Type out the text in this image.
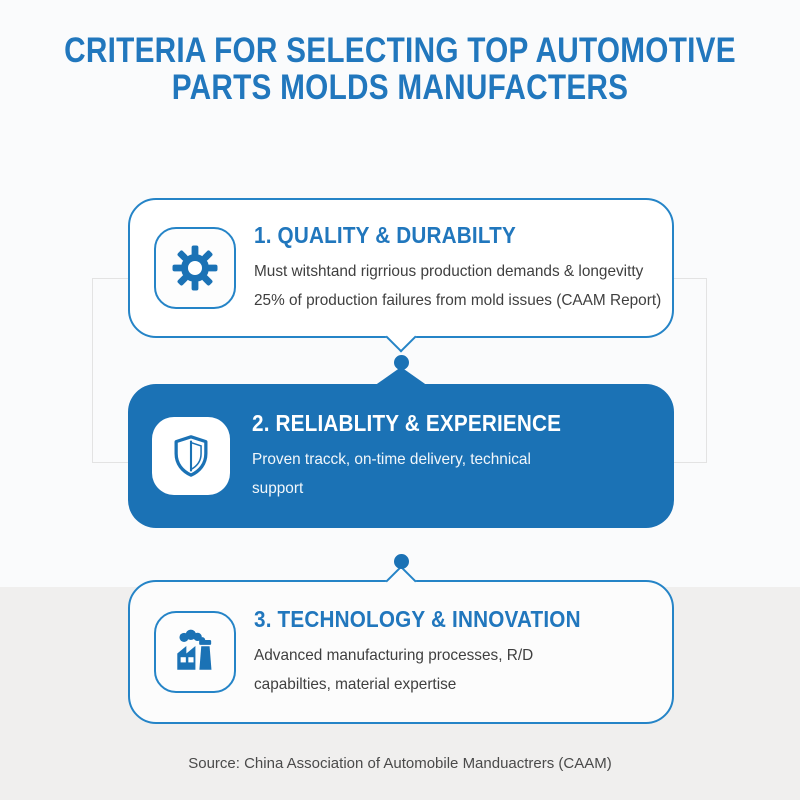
CRITERIA FOR SELECTING TOP AUTOMOTIVE
PARTS MOLDS MANUFACTERS
1. QUALITY & DURABILTY
Must witshtand rigrrious production demands & longevitty
25% of production failures from mold issues (CAAM Report)
2. RELIABLITY & EXPERIENCE
Proven tracck, on-time delivery, technical
support
3. TECHNOLOGY & INNOVATION
Advanced manufacturing processes, R/D
capabilties, material expertise
Source: China Association of Automobile Manduactrers (CAAM)
